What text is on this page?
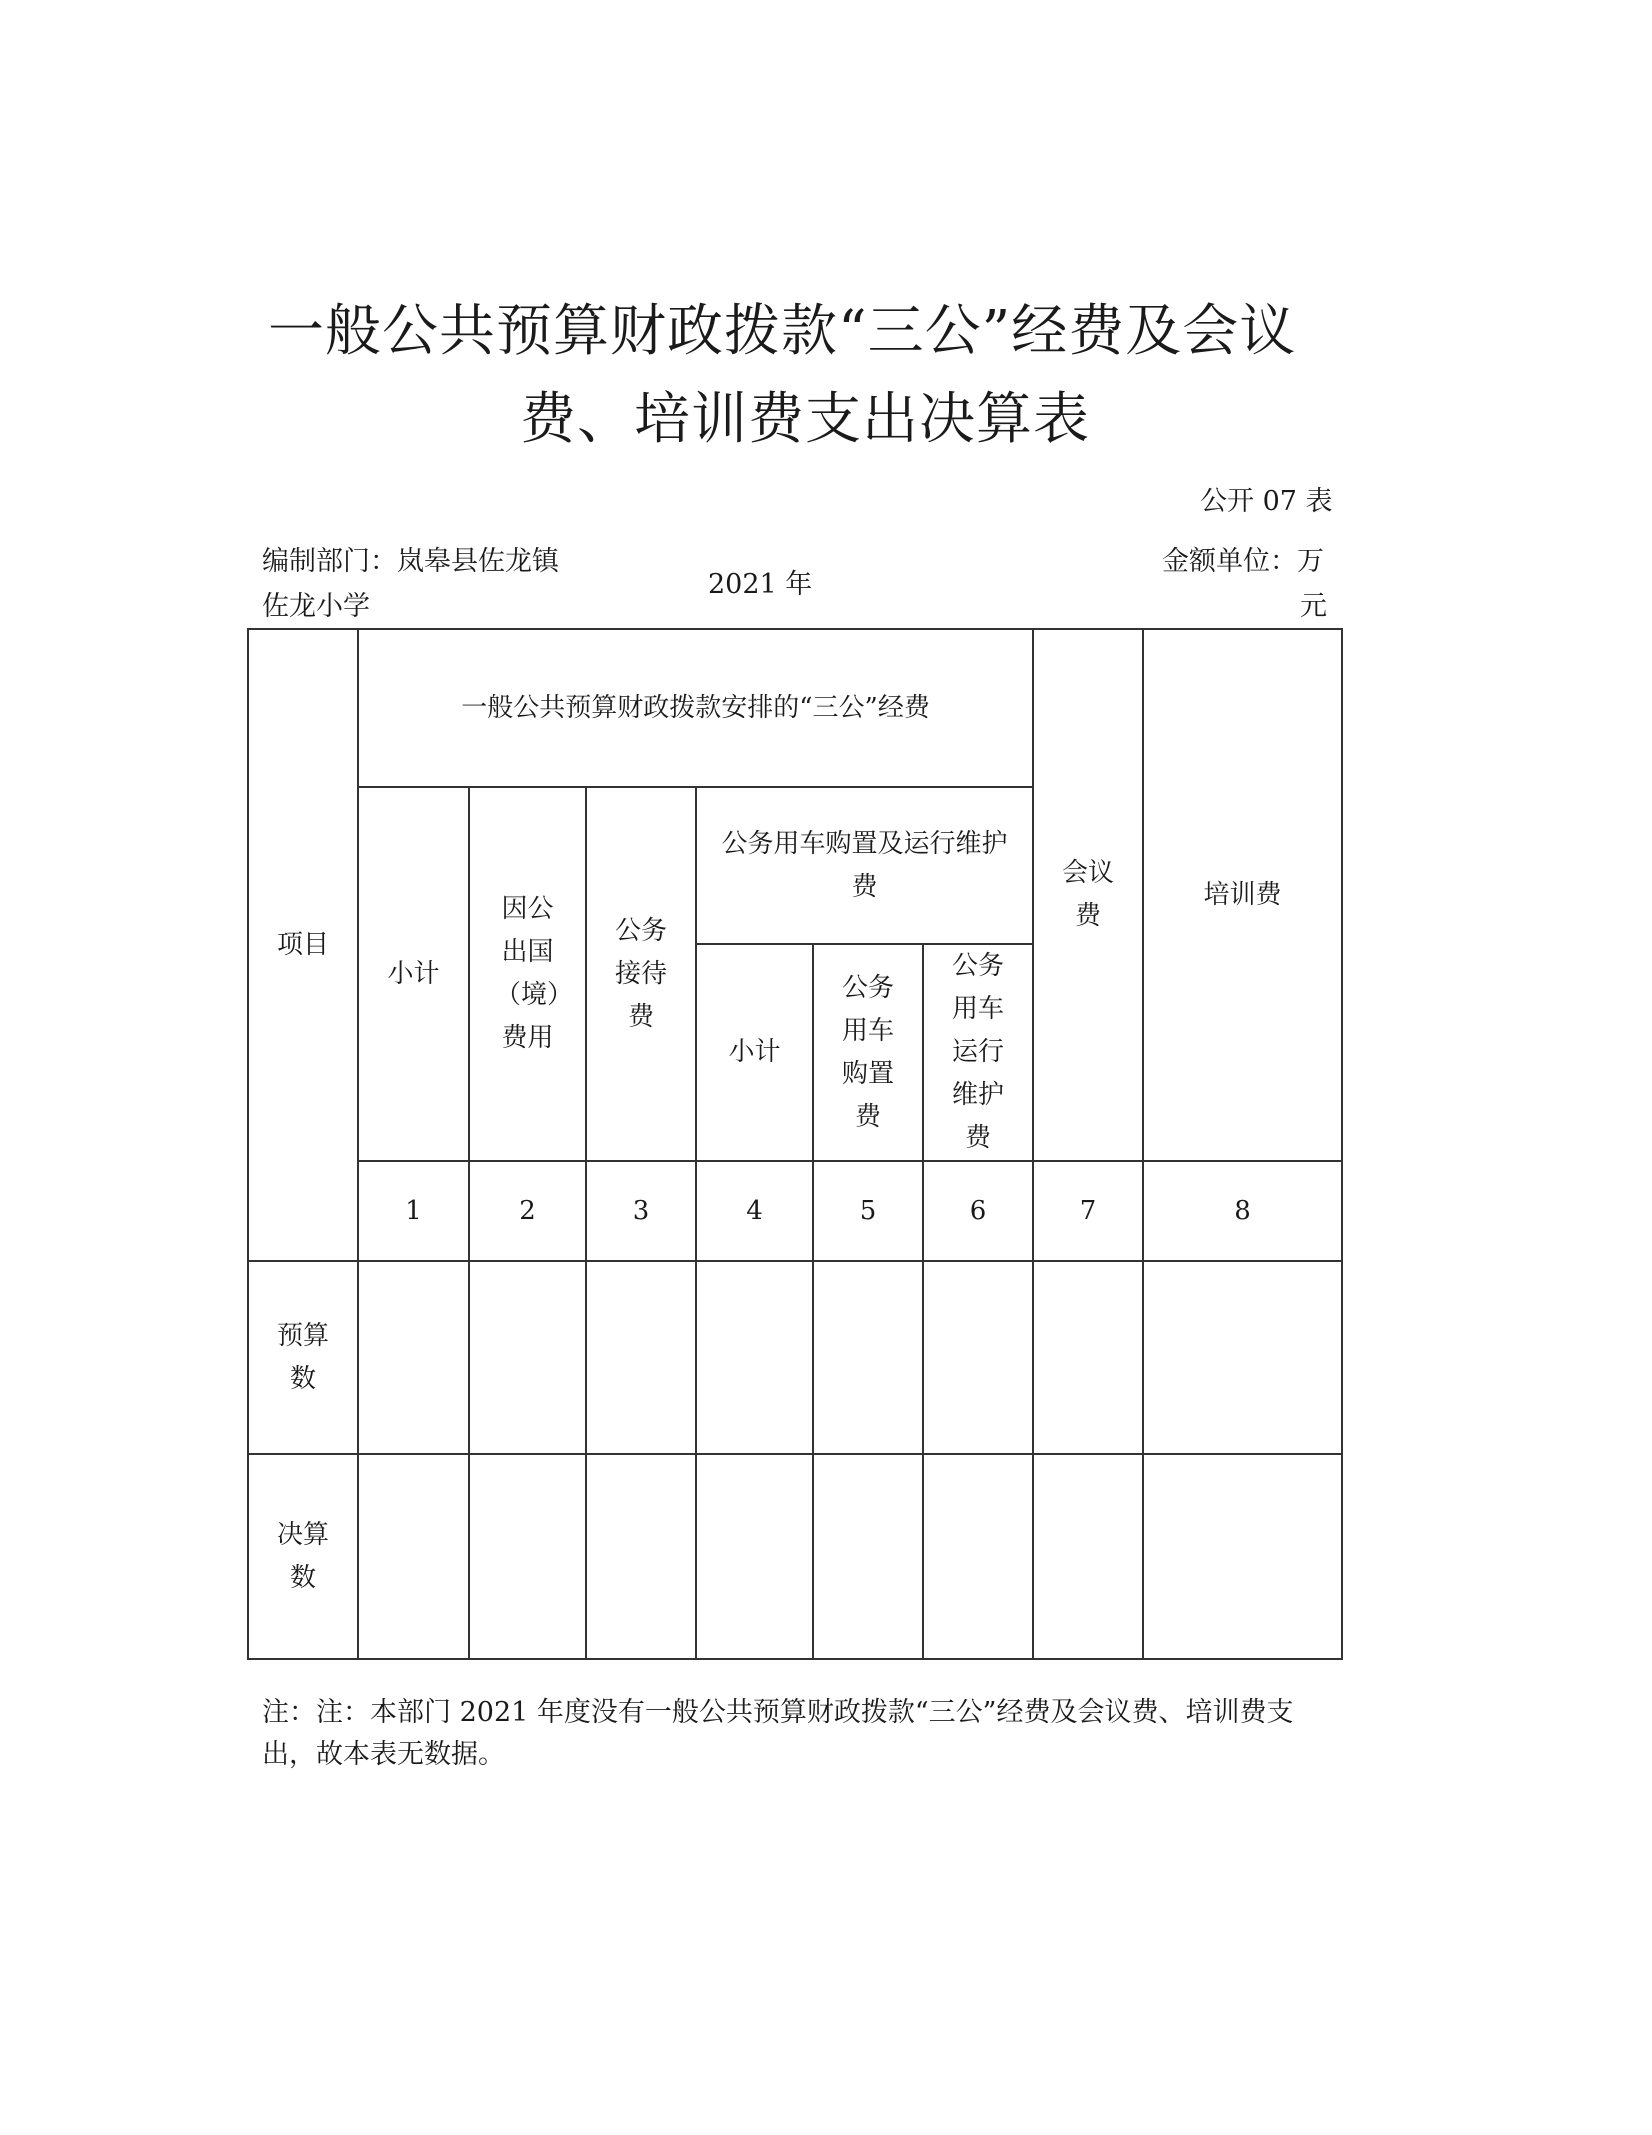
一般公共预算财政拨款“三公”经费及会议
费、培训费支出决算表
公开 07 表
编制部门：岚皋县佐龙镇
佐龙小学
2021 年
金额单位：万
元
项目	一般公共预算财政拨款安排的“三公”经费						会议费	培训费
	小计	因公出国（境）费用	公务接待费	公务用车购置及运行维护费				
				小计	公务用车购置费	公务用车运行维护费		
	1	2	3	4	5	6	7	8
预算数								
决算数								
注：注：本部门 2021 年度没有一般公共预算财政拨款“三公”经费及会议费、培训费支出，故本表无数据。
